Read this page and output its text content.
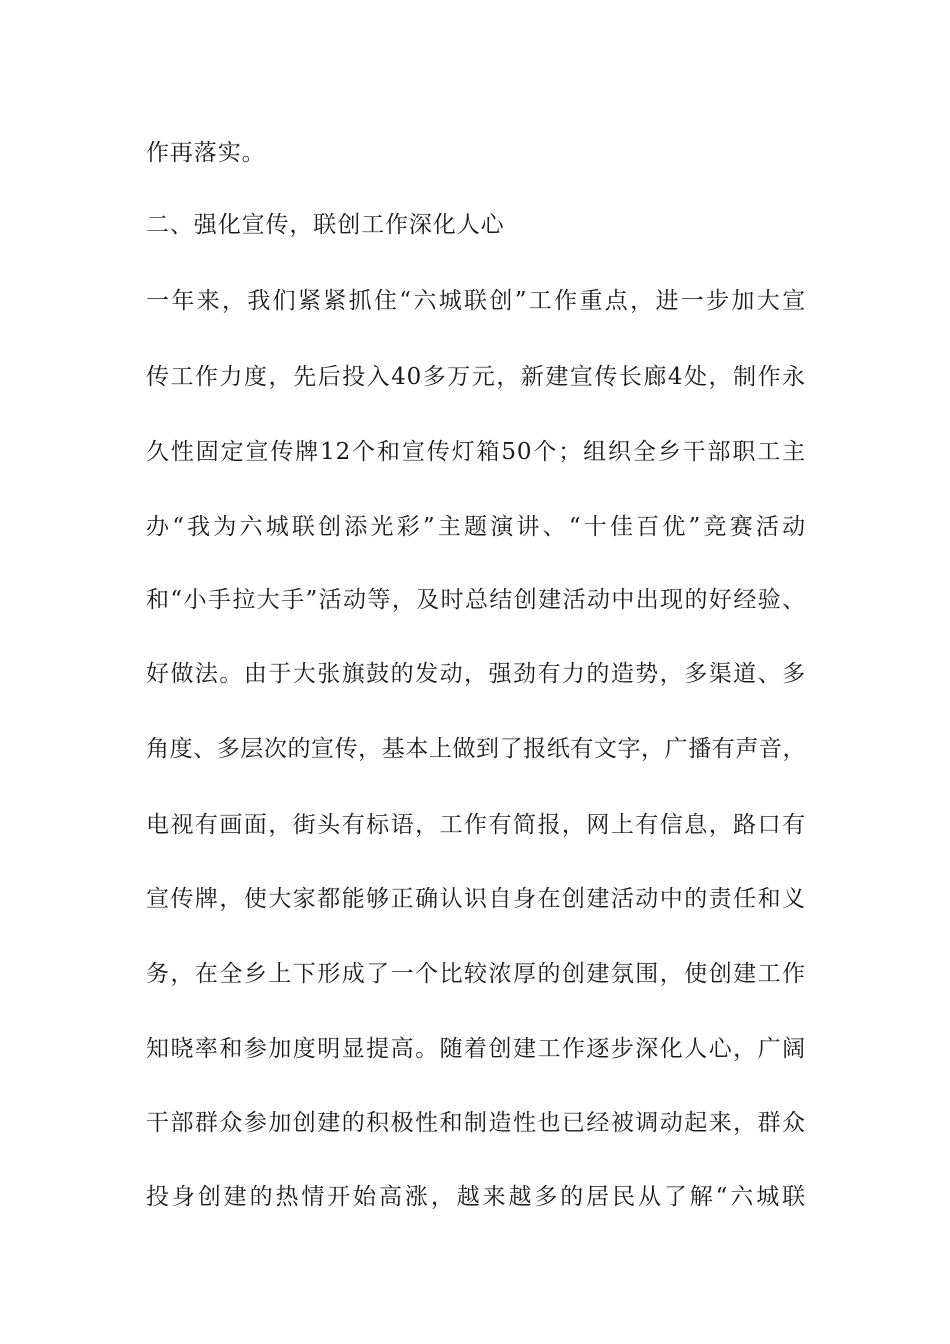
作再落实。
二、强化宣传，联创工作深化人心
一年来，我们紧紧抓住“六城联创”工作重点，进一步加大宣
传工作力度，先后投入40多万元，新建宣传长廊4处，制作永
久性固定宣传牌12个和宣传灯箱50个；组织全乡干部职工主
办“我为六城联创添光彩”主题演讲、“十佳百优”竞赛活动
和“小手拉大手”活动等，及时总结创建活动中出现的好经验、
好做法。由于大张旗鼓的发动，强劲有力的造势，多渠道、多
角度、多层次的宣传，基本上做到了报纸有文字，广播有声音，
电视有画面，街头有标语，工作有简报，网上有信息，路口有
宣传牌，使大家都能够正确认识自身在创建活动中的责任和义
务，在全乡上下形成了一个比较浓厚的创建氛围，使创建工作
知晓率和参加度明显提高。随着创建工作逐步深化人心，广阔
干部群众参加创建的积极性和制造性也已经被调动起来，群众
投身创建的热情开始高涨，越来越多的居民从了解“六城联
